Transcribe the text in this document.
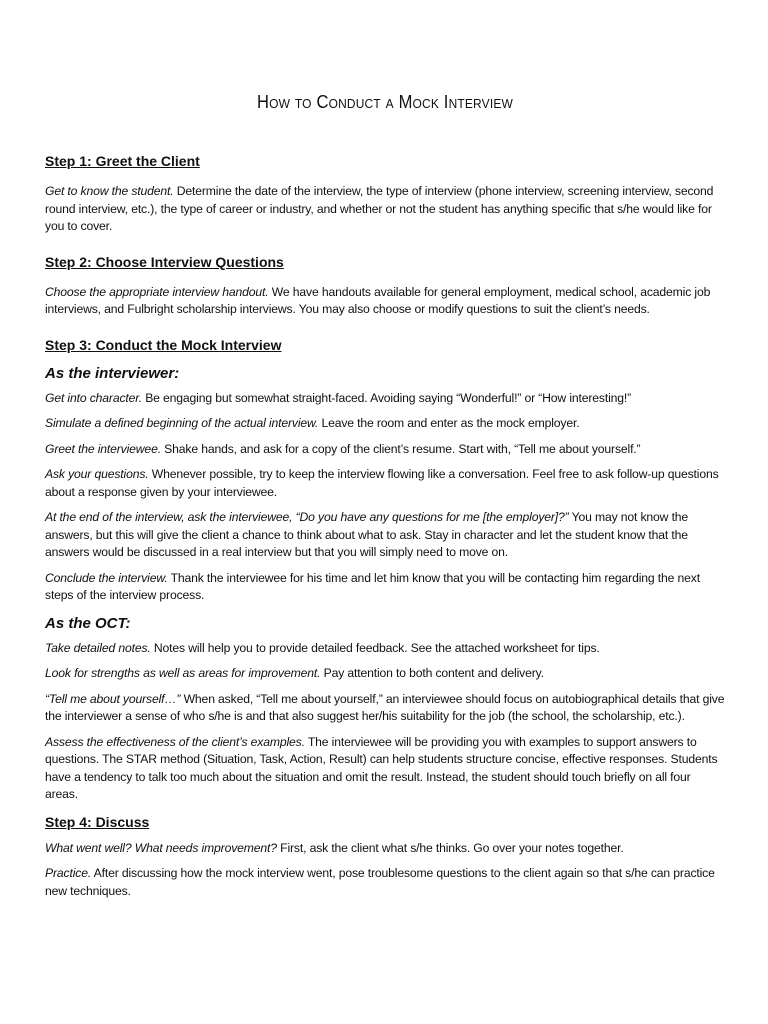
How to Conduct a Mock Interview
Step 1: Greet the Client

Get to know the student. Determine the date of the interview, the type of interview (phone interview, screening interview, second round interview, etc.), the type of career or industry, and whether or not the student has anything specific that s/he would like for you to cover.

Step 2: Choose Interview Questions

Choose the appropriate interview handout. We have handouts available for general employment, medical school, academic job interviews, and Fulbright scholarship interviews. You may also choose or modify questions to suit the client’s needs.

Step 3: Conduct the Mock Interview
As the interviewer:

Get into character. Be engaging but somewhat straight-faced. Avoiding saying “Wonderful!” or “How interesting!”

Simulate a defined beginning of the actual interview. Leave the room and enter as the mock employer.

Greet the interviewee. Shake hands, and ask for a copy of the client’s resume. Start with, “Tell me about yourself.”

Ask your questions. Whenever possible, try to keep the interview flowing like a conversation. Feel free to ask follow-up questions about a response given by your interviewee.

At the end of the interview, ask the interviewee, “Do you have any questions for me [the employer]?” You may not know the answers, but this will give the client a chance to think about what to ask. Stay in character and let the student know that the answers would be discussed in a real interview but that you will simply need to move on.

Conclude the interview. Thank the interviewee for his time and let him know that you will be contacting him regarding the next steps of the interview process.

As the OCT:

Take detailed notes. Notes will help you to provide detailed feedback. See the attached worksheet for tips.

Look for strengths as well as areas for improvement. Pay attention to both content and delivery.

“Tell me about yourself…” When asked, “Tell me about yourself,” an interviewee should focus on autobiographical details that give the interviewer a sense of who s/he is and that also suggest her/his suitability for the job (the school, the scholarship, etc.).

Assess the effectiveness of the client’s examples. The interviewee will be providing you with examples to support answers to questions. The STAR method (Situation, Task, Action, Result) can help students structure concise, effective responses. Students have a tendency to talk too much about the situation and omit the result. Instead, the student should touch briefly on all four areas.

Step 4: Discuss

What went well? What needs improvement? First, ask the client what s/he thinks. Go over your notes together.

Practice. After discussing how the mock interview went, pose troublesome questions to the client again so that s/he can practice new techniques.
